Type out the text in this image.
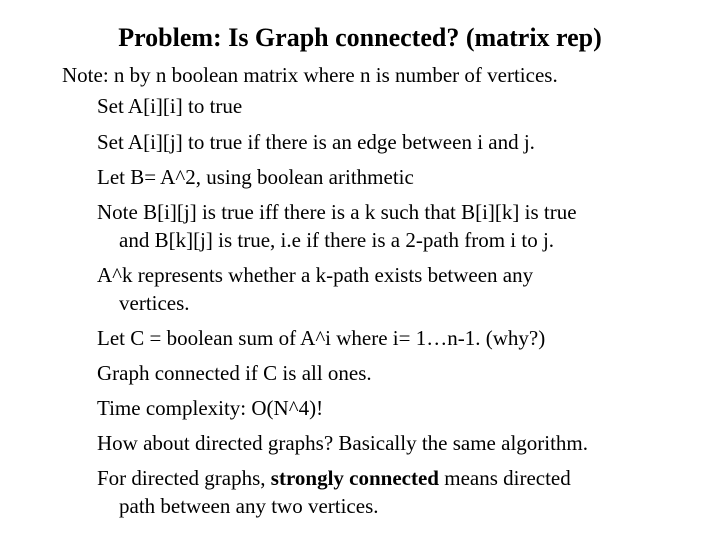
Problem: Is Graph connected? (matrix rep)
Note: n by n boolean matrix where n is number of vertices.
Set A[i][i] to true
Set A[i][j] to true if there is an edge between i and j.
Let B= A^2, using boolean arithmetic
Note B[i][j] is true iff there is a k such that B[i][k] is true
and B[k][j] is true, i.e if there is a 2-path from i to j.
A^k represents whether a k-path exists between any
vertices.
Let C = boolean sum of A^i where i= 1…n-1. (why?)
Graph connected if C is all ones.
Time complexity: O(N^4)!
How about directed graphs? Basically the same algorithm.
For directed graphs, strongly connected means directed
path between any two vertices.
